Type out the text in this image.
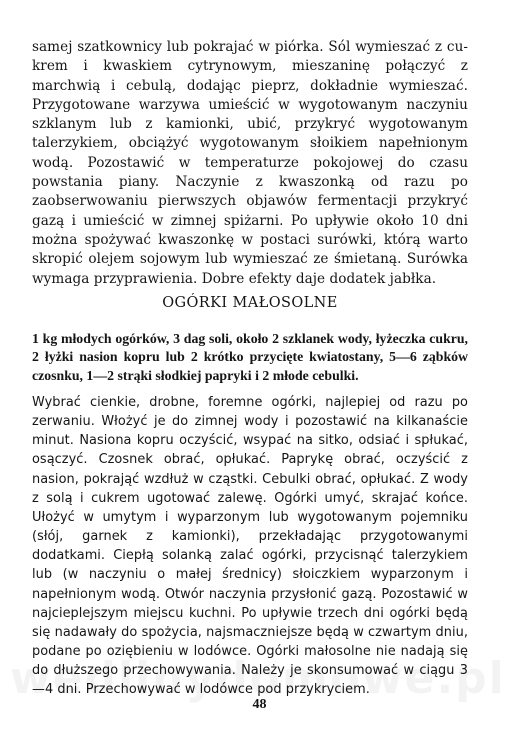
samej szatkownicy lub pokrajać w piórka. Sól wymieszać z cukrem i kwaskiem cytrynowym, mieszaninę połączyć z marchwią i cebulą, dodając pieprz, dokładnie wymieszać. Przygotowane warzywa umieścić w wygotowanym naczyniu szklanym lub z kamionki, ubić, przykryć wygotowanym talerzykiem, obciążyć wygotowanym słoikiem napełnionym wodą. Pozostawić w temperaturze pokojowej do czasu powstania piany. Naczynie z kwaszonką od razu po zaobserwowaniu pierwszych objawów fermentacji przykryć gazą i umieścić w zimnej spiżarni. Po upływie około 10 dni można spożywać kwaszonkę w postaci surówki, którą warto skropić olejem sojowym lub wymieszać ze śmietaną. Surówka wymaga przyprawienia. Dobre efekty daje dodatek jabłka.

OGÓRKI MAŁOSOLNE

1 kg młodych ogórków, 3 dag soli, około 2 szklanek wody, łyżeczka cukru, 2 łyżki nasion kopru lub 2 krótko przycięte kwiatostany, 5—6 ząbków czosnku, 1—2 strąki słodkiej papryki i 2 młode cebulki.

Wybrać cienkie, drobne, foremne ogórki, najlepiej od razu po zerwaniu. Włożyć je do zimnej wody i pozostawić na kilkanaście minut. Nasiona kopru oczyścić, wsypać na sitko, odsiać i spłukać, osączyć. Czosnek obrać, opłukać. Paprykę obrać, oczyścić z nasion, pokrająć wzdłuż w cząstki. Cebulki obrać, opłukać. Z wody z solą i cukrem ugotować zalewę. Ogórki umyć, skrajać końce. Ułożyć w umytym i wyparzonym lub wygotowanym pojemniku (słój, garnek z kamionki), przekładając przygotowanymi dodatkami. Ciepłą solanką zalać ogórki, przycisnąć talerzykiem lub (w naczyniu o małej średnicy) słoiczkiem wyparzonym i napełnionym wodą. Otwór naczynia przysłonić gazą. Pozostawić w najcieplejszym miejscu kuchni. Po upływie trzech dni ogórki będą się nadawały do spożycia, najsmaczniejsze będą w czwartym dniu, podane po oziębieniu w lodówce. Ogórki małosolne nie nadają się do dłuższego przechowywania. Należy je skonsumować w ciągu 3—4 dni. Przechowywać w lodówce pod przykryciem.

48
